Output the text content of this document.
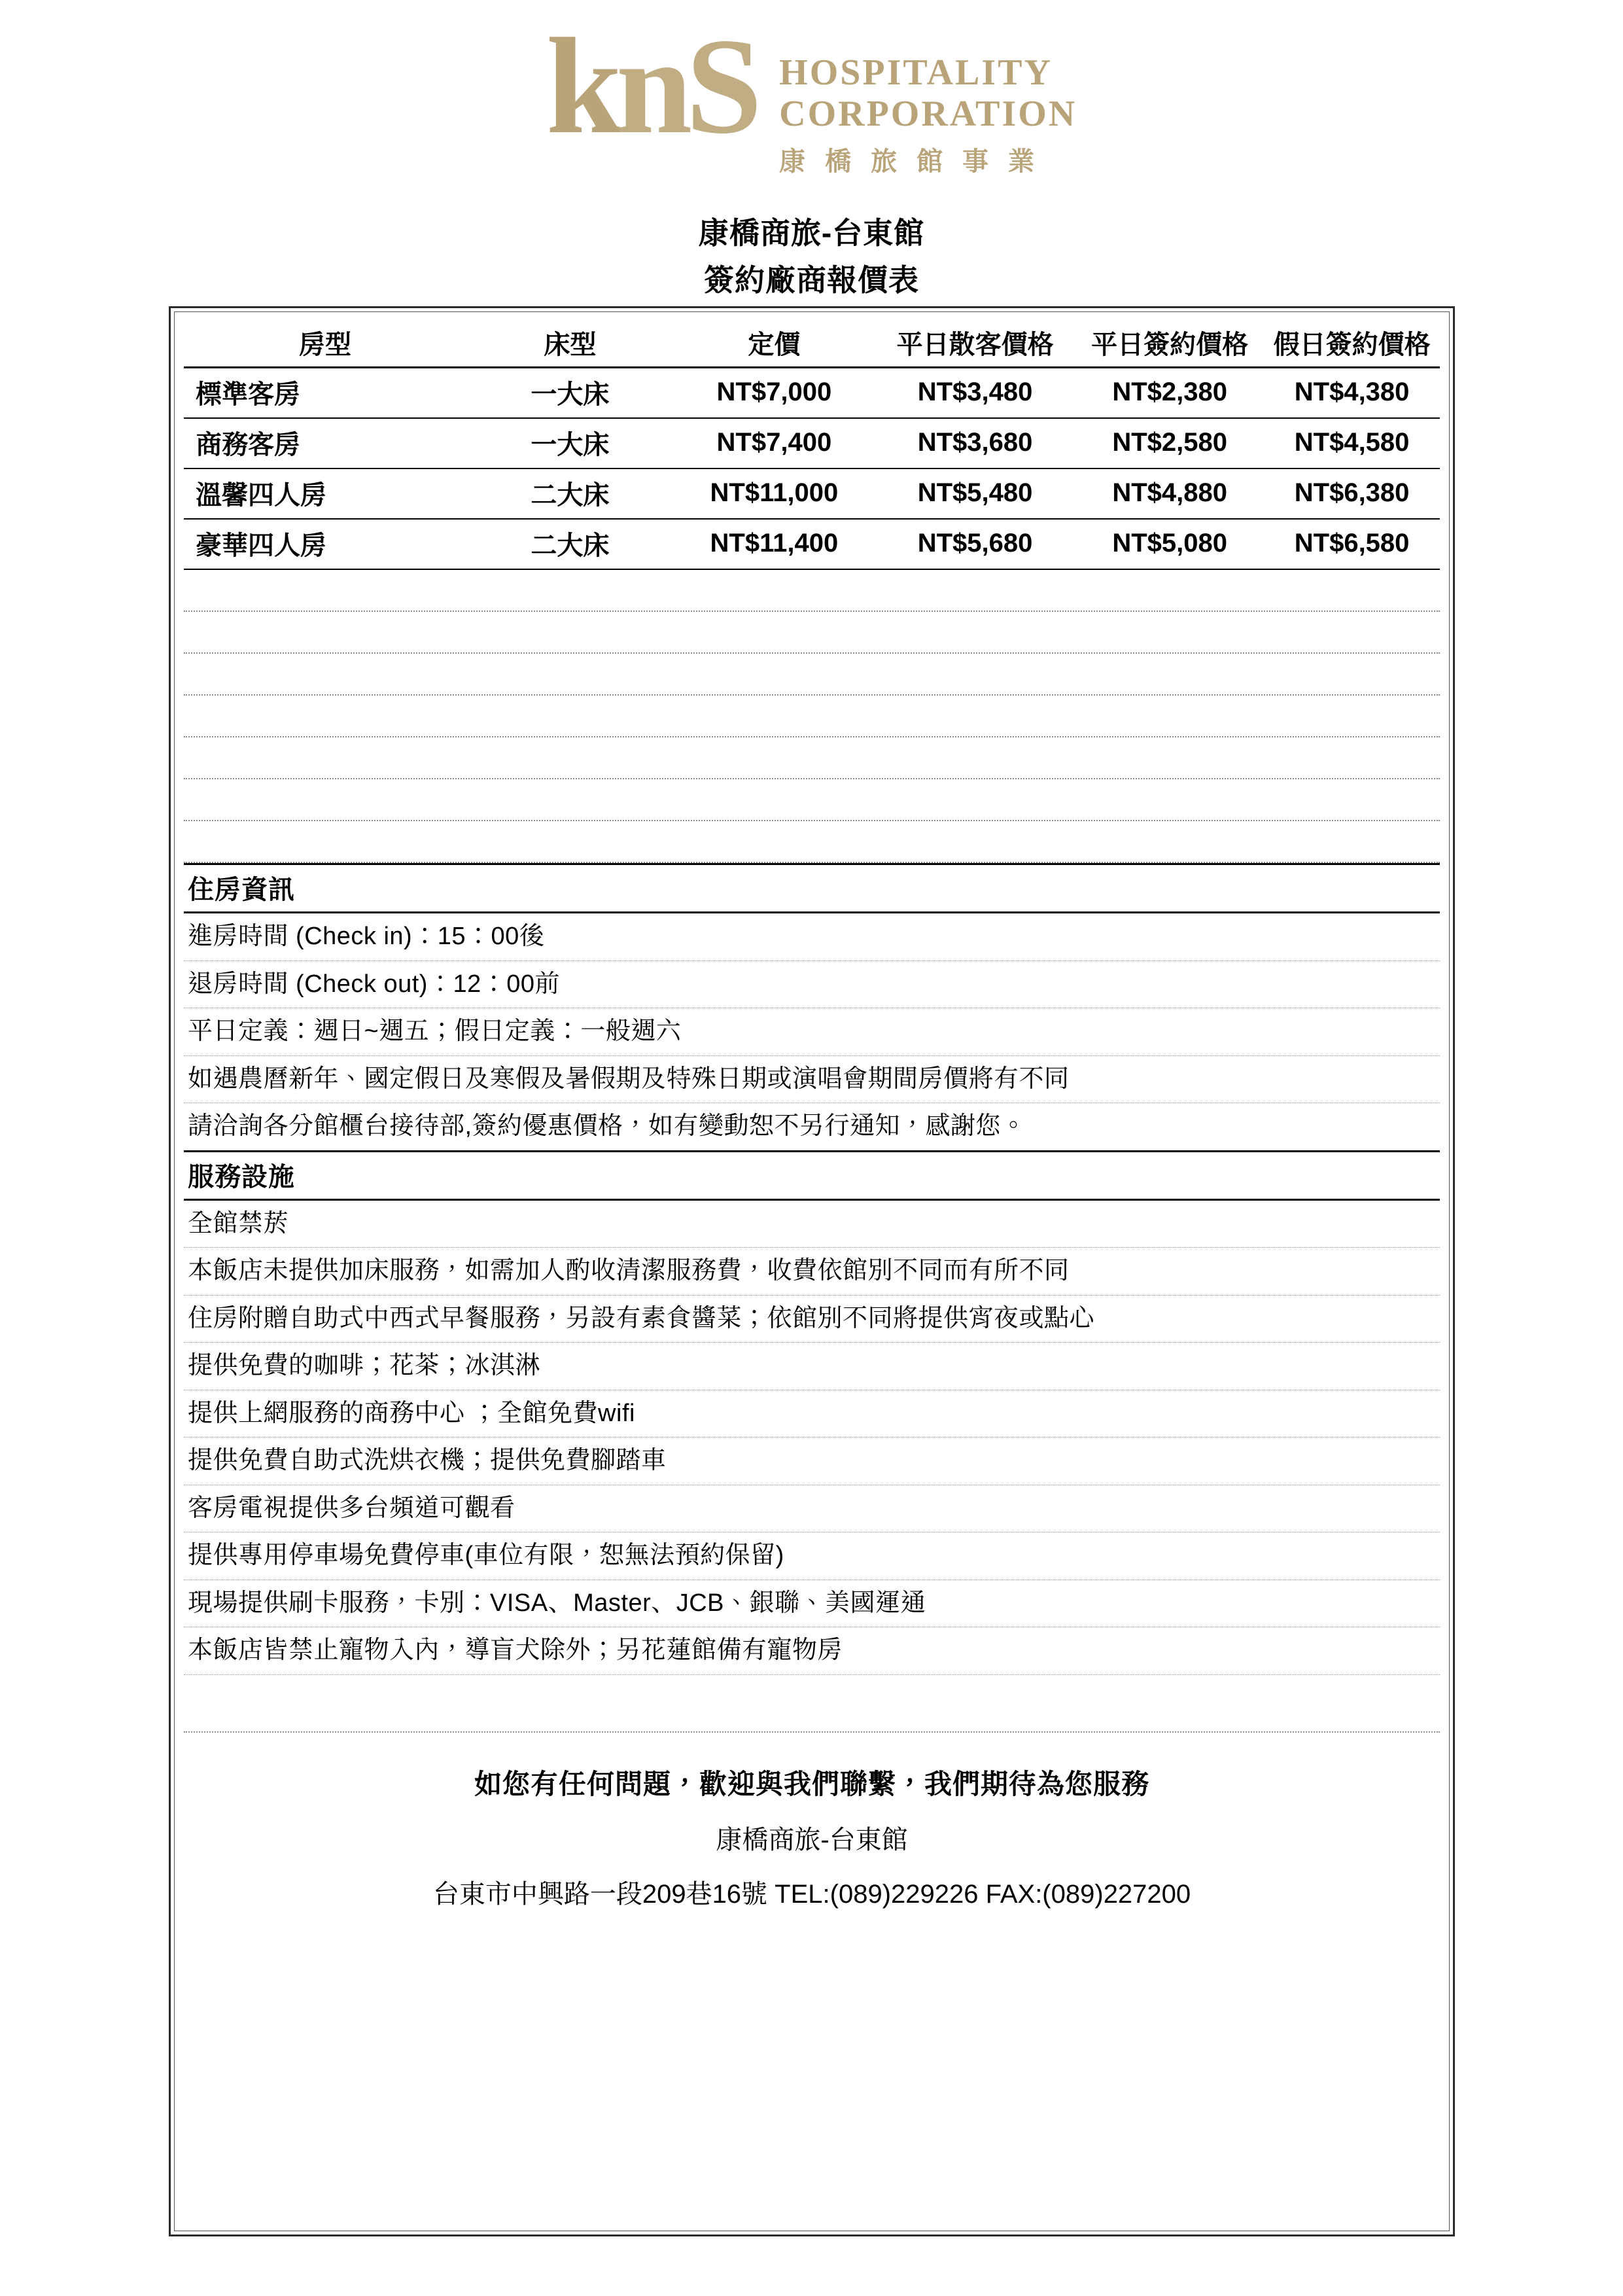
knS HOSPITALITY
CORPORATION
康 橋 旅 館 事 業
康橋商旅-台東館
簽約廠商報價表
房型	床型	定價	平日散客價格	平日簽約價格	假日簽約價格
標準客房	一大床	NT$7,000	NT$3,480	NT$2,380	NT$4,380
商務客房	一大床	NT$7,400	NT$3,680	NT$2,580	NT$4,580
溫馨四人房	二大床	NT$11,000	NT$5,480	NT$4,880	NT$6,380
豪華四人房	二大床	NT$11,400	NT$5,680	NT$5,080	NT$6,580
住房資訊
進房時間 (Check in)：15：00後
退房時間 (Check out)：12：00前
平日定義：週日~週五；假日定義：一般週六
如遇農曆新年、國定假日及寒假及暑假期及特殊日期或演唱會期間房價將有不同
請洽詢各分館櫃台接待部,簽約優惠價格，如有變動恕不另行通知，感謝您。
服務設施
全館禁菸
本飯店未提供加床服務，如需加人酌收清潔服務費，收費依館別不同而有所不同
住房附贈自助式中西式早餐服務，另設有素食醬菜；依館別不同將提供宵夜或點心
提供免費的咖啡；花茶；冰淇淋
提供上網服務的商務中心 ；全館免費wifi
提供免費自助式洗烘衣機；提供免費腳踏車
客房電視提供多台頻道可觀看
提供專用停車場免費停車(車位有限，恕無法預約保留)
現場提供刷卡服務，卡別：VISA、Master、JCB、銀聯、美國運通
本飯店皆禁止寵物入內，導盲犬除外；另花蓮館備有寵物房
如您有任何問題，歡迎與我們聯繫，我們期待為您服務
康橋商旅-台東館
台東市中興路一段209巷16號 TEL:(089)229226 FAX:(089)227200
